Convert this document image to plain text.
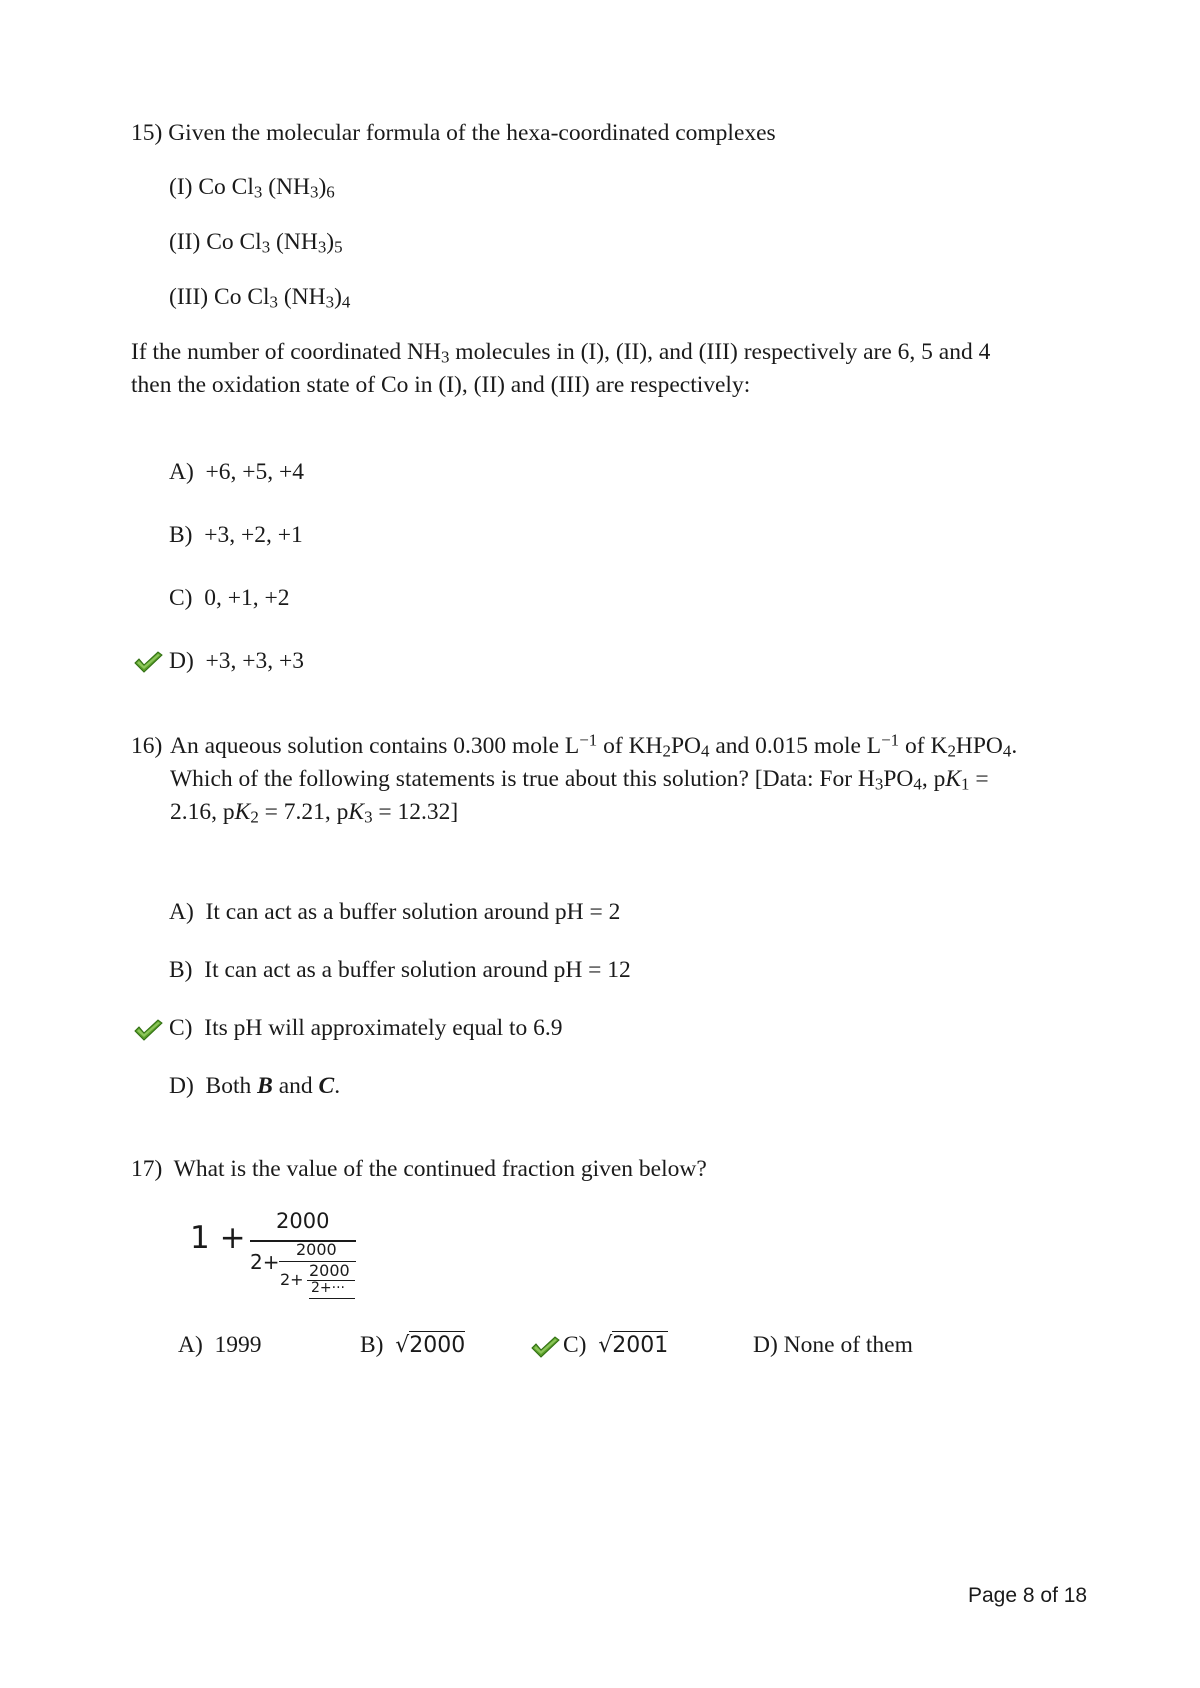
15) Given the molecular formula of the hexa-coordinated complexes
(I) Co $Cl_3$ $(NH_3)_6$
(II) Co $Cl_3$ $(NH_3)_5$
(III) Co $Cl_3$ $(NH_3)_4$
If the number of coordinated $NH_3$ molecules in (I), (II), and (III) respectively are 6, 5 and 4
then the oxidation state of Co in (I), (II) and (III) are respectively:
A) +6, +5, +4
B) +3, +2, +1
C) 0, +1, +2
D) +3, +3, +3
16) An aqueous solution contains 0.300 mole $L^{-1}$ of $KH_2PO_4$ and 0.015 mole $L^{-1}$ of $K_2HPO_4$.
Which of the following statements is true about this solution? [Data: For $H_3PO_4$, $pK_1$ =
2.16, $pK_2 = 7.21$, $pK_3 = 12.32$]
A) It can act as a buffer solution around pH = 2
B) It can act as a buffer solution around pH = 12
C) Its pH will approximately equal to 6.9
D) Both B and C.
17) What is the value of the continued fraction given below?
1 + 2000
2+
2000
2+ 2000
2+···
A) 1999	B) √2000	C) √2001	D) None of them
Page 8 of 18
